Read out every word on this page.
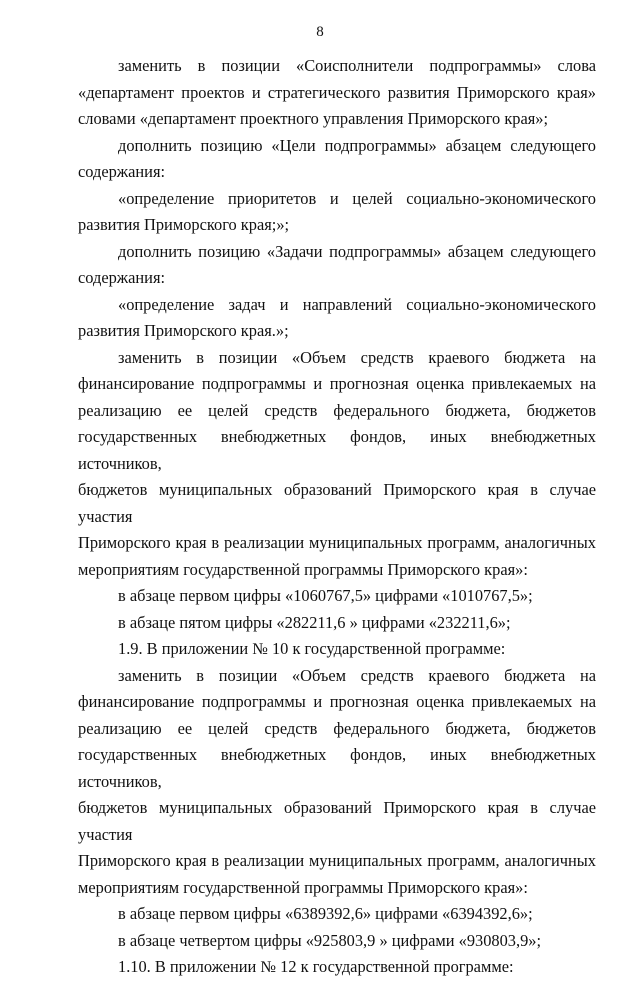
8

заменить в позиции «Соисполнители подпрограммы» слова «департамент проектов и стратегического развития Приморского края» словами «департамент проектного управления Приморского края»;

дополнить позицию «Цели подпрограммы» абзацем следующего содержания:

«определение приоритетов и целей социально-экономического развития Приморского края;»;

дополнить позицию «Задачи подпрограммы» абзацем следующего содержания:

«определение задач и направлений социально-экономического развития Приморского края.»;

заменить в позиции «Объем средств краевого бюджета на
финансирование подпрограммы и прогнозная оценка привлекаемых на
реализацию ее целей средств федерального бюджета, бюджетов
государственных внебюджетных фондов, иных внебюджетных источников,
бюджетов муниципальных образований Приморского края в случае участия
Приморского края в реализации муниципальных программ, аналогичных
мероприятиям государственной программы Приморского края»:

в абзаце первом цифры «1060767,5» цифрами «1010767,5»;

в абзаце пятом цифры «282211,6 » цифрами «232211,6»;

1.9. В приложении № 10 к государственной программе:

заменить в позиции «Объем средств краевого бюджета на
финансирование подпрограммы и прогнозная оценка привлекаемых на
реализацию ее целей средств федерального бюджета, бюджетов
государственных внебюджетных фондов, иных внебюджетных источников,
бюджетов муниципальных образований Приморского края в случае участия
Приморского края в реализации муниципальных программ, аналогичных
мероприятиям государственной программы Приморского края»:

в абзаце первом цифры «6389392,6» цифрами «6394392,6»;

в абзаце четвертом цифры «925803,9 » цифрами «930803,9»;

1.10. В приложении № 12 к государственной программе:
